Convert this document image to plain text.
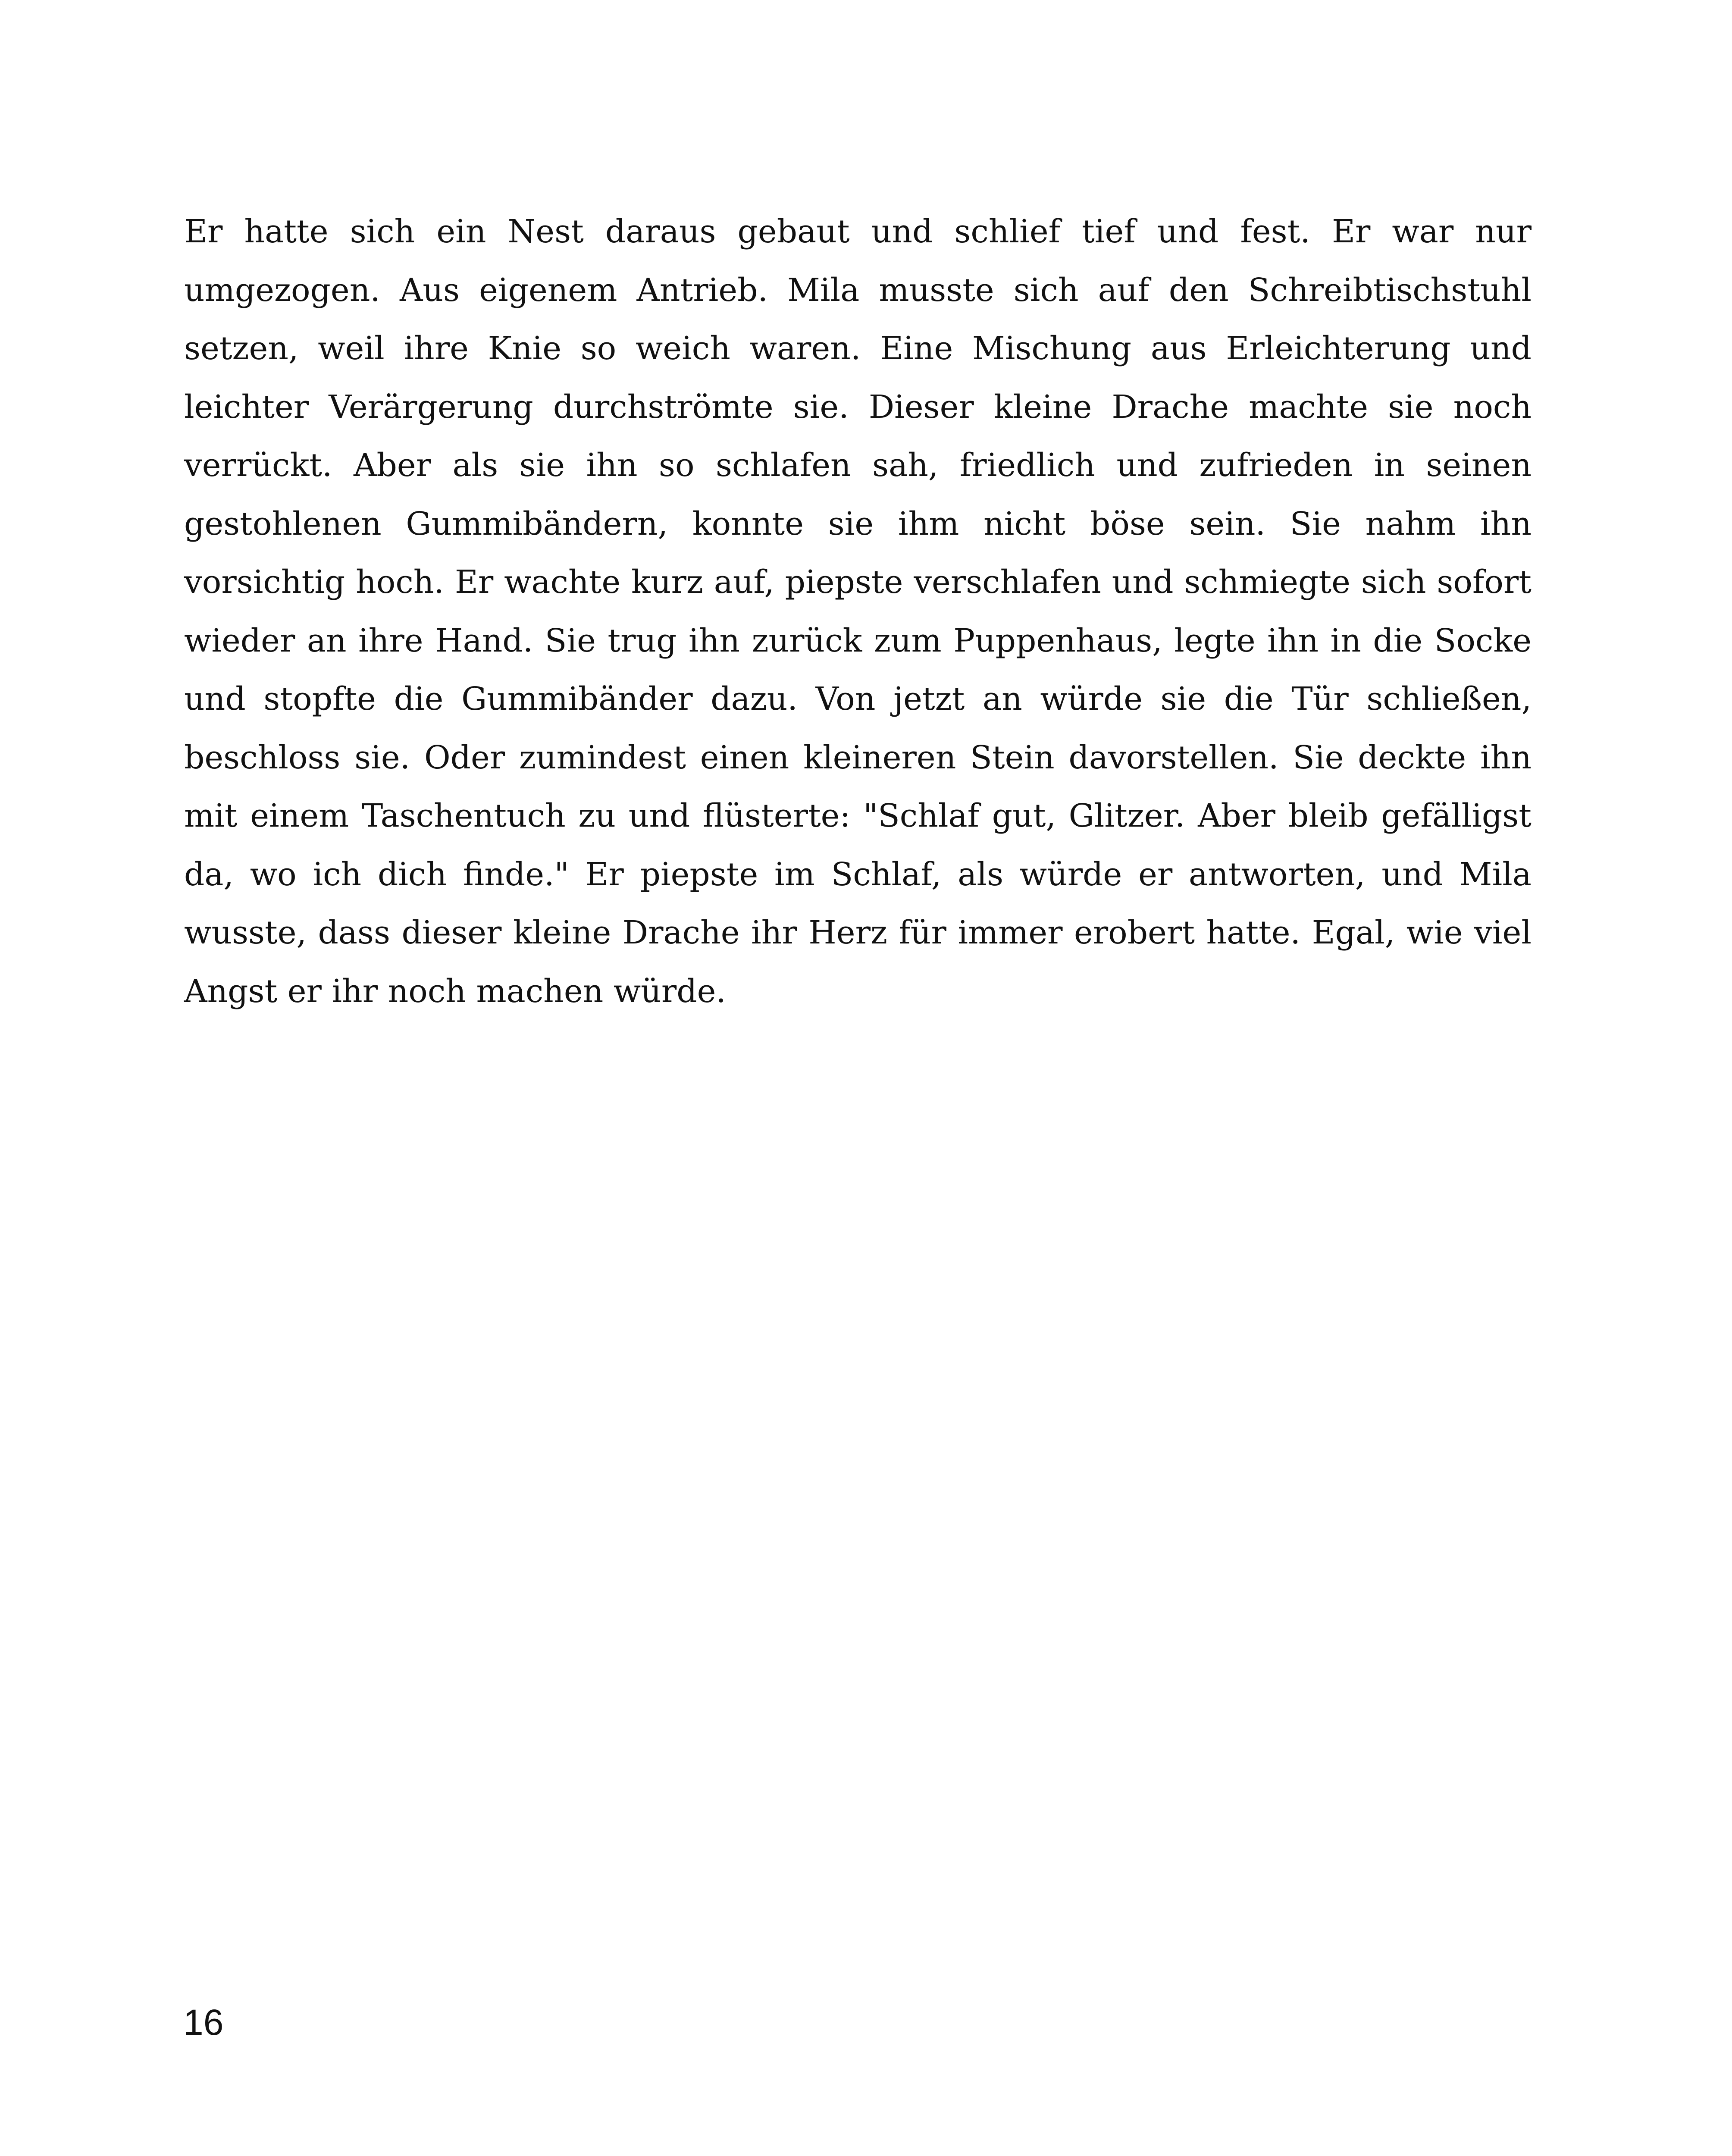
Er hatte sich ein Nest daraus gebaut und schlief tief und fest. Er war nur
umgezogen. Aus eigenem Antrieb. Mila musste sich auf den Schreibtischstuhl
setzen, weil ihre Knie so weich waren. Eine Mischung aus Erleichterung und
leichter Verärgerung durchströmte sie. Dieser kleine Drache machte sie noch
verrückt. Aber als sie ihn so schlafen sah, friedlich und zufrieden in seinen
gestohlenen Gummibändern, konnte sie ihm nicht böse sein. Sie nahm ihn
vorsichtig hoch. Er wachte kurz auf, piepste verschlafen und schmiegte sich sofort
wieder an ihre Hand. Sie trug ihn zurück zum Puppenhaus, legte ihn in die Socke
und stopfte die Gummibänder dazu. Von jetzt an würde sie die Tür schließen,
beschloss sie. Oder zumindest einen kleineren Stein davorstellen. Sie deckte ihn
mit einem Taschentuch zu und flüsterte: "Schlaf gut, Glitzer. Aber bleib gefälligst
da, wo ich dich finde." Er piepste im Schlaf, als würde er antworten, und Mila
wusste, dass dieser kleine Drache ihr Herz für immer erobert hatte. Egal, wie viel
Angst er ihr noch machen würde.
16
